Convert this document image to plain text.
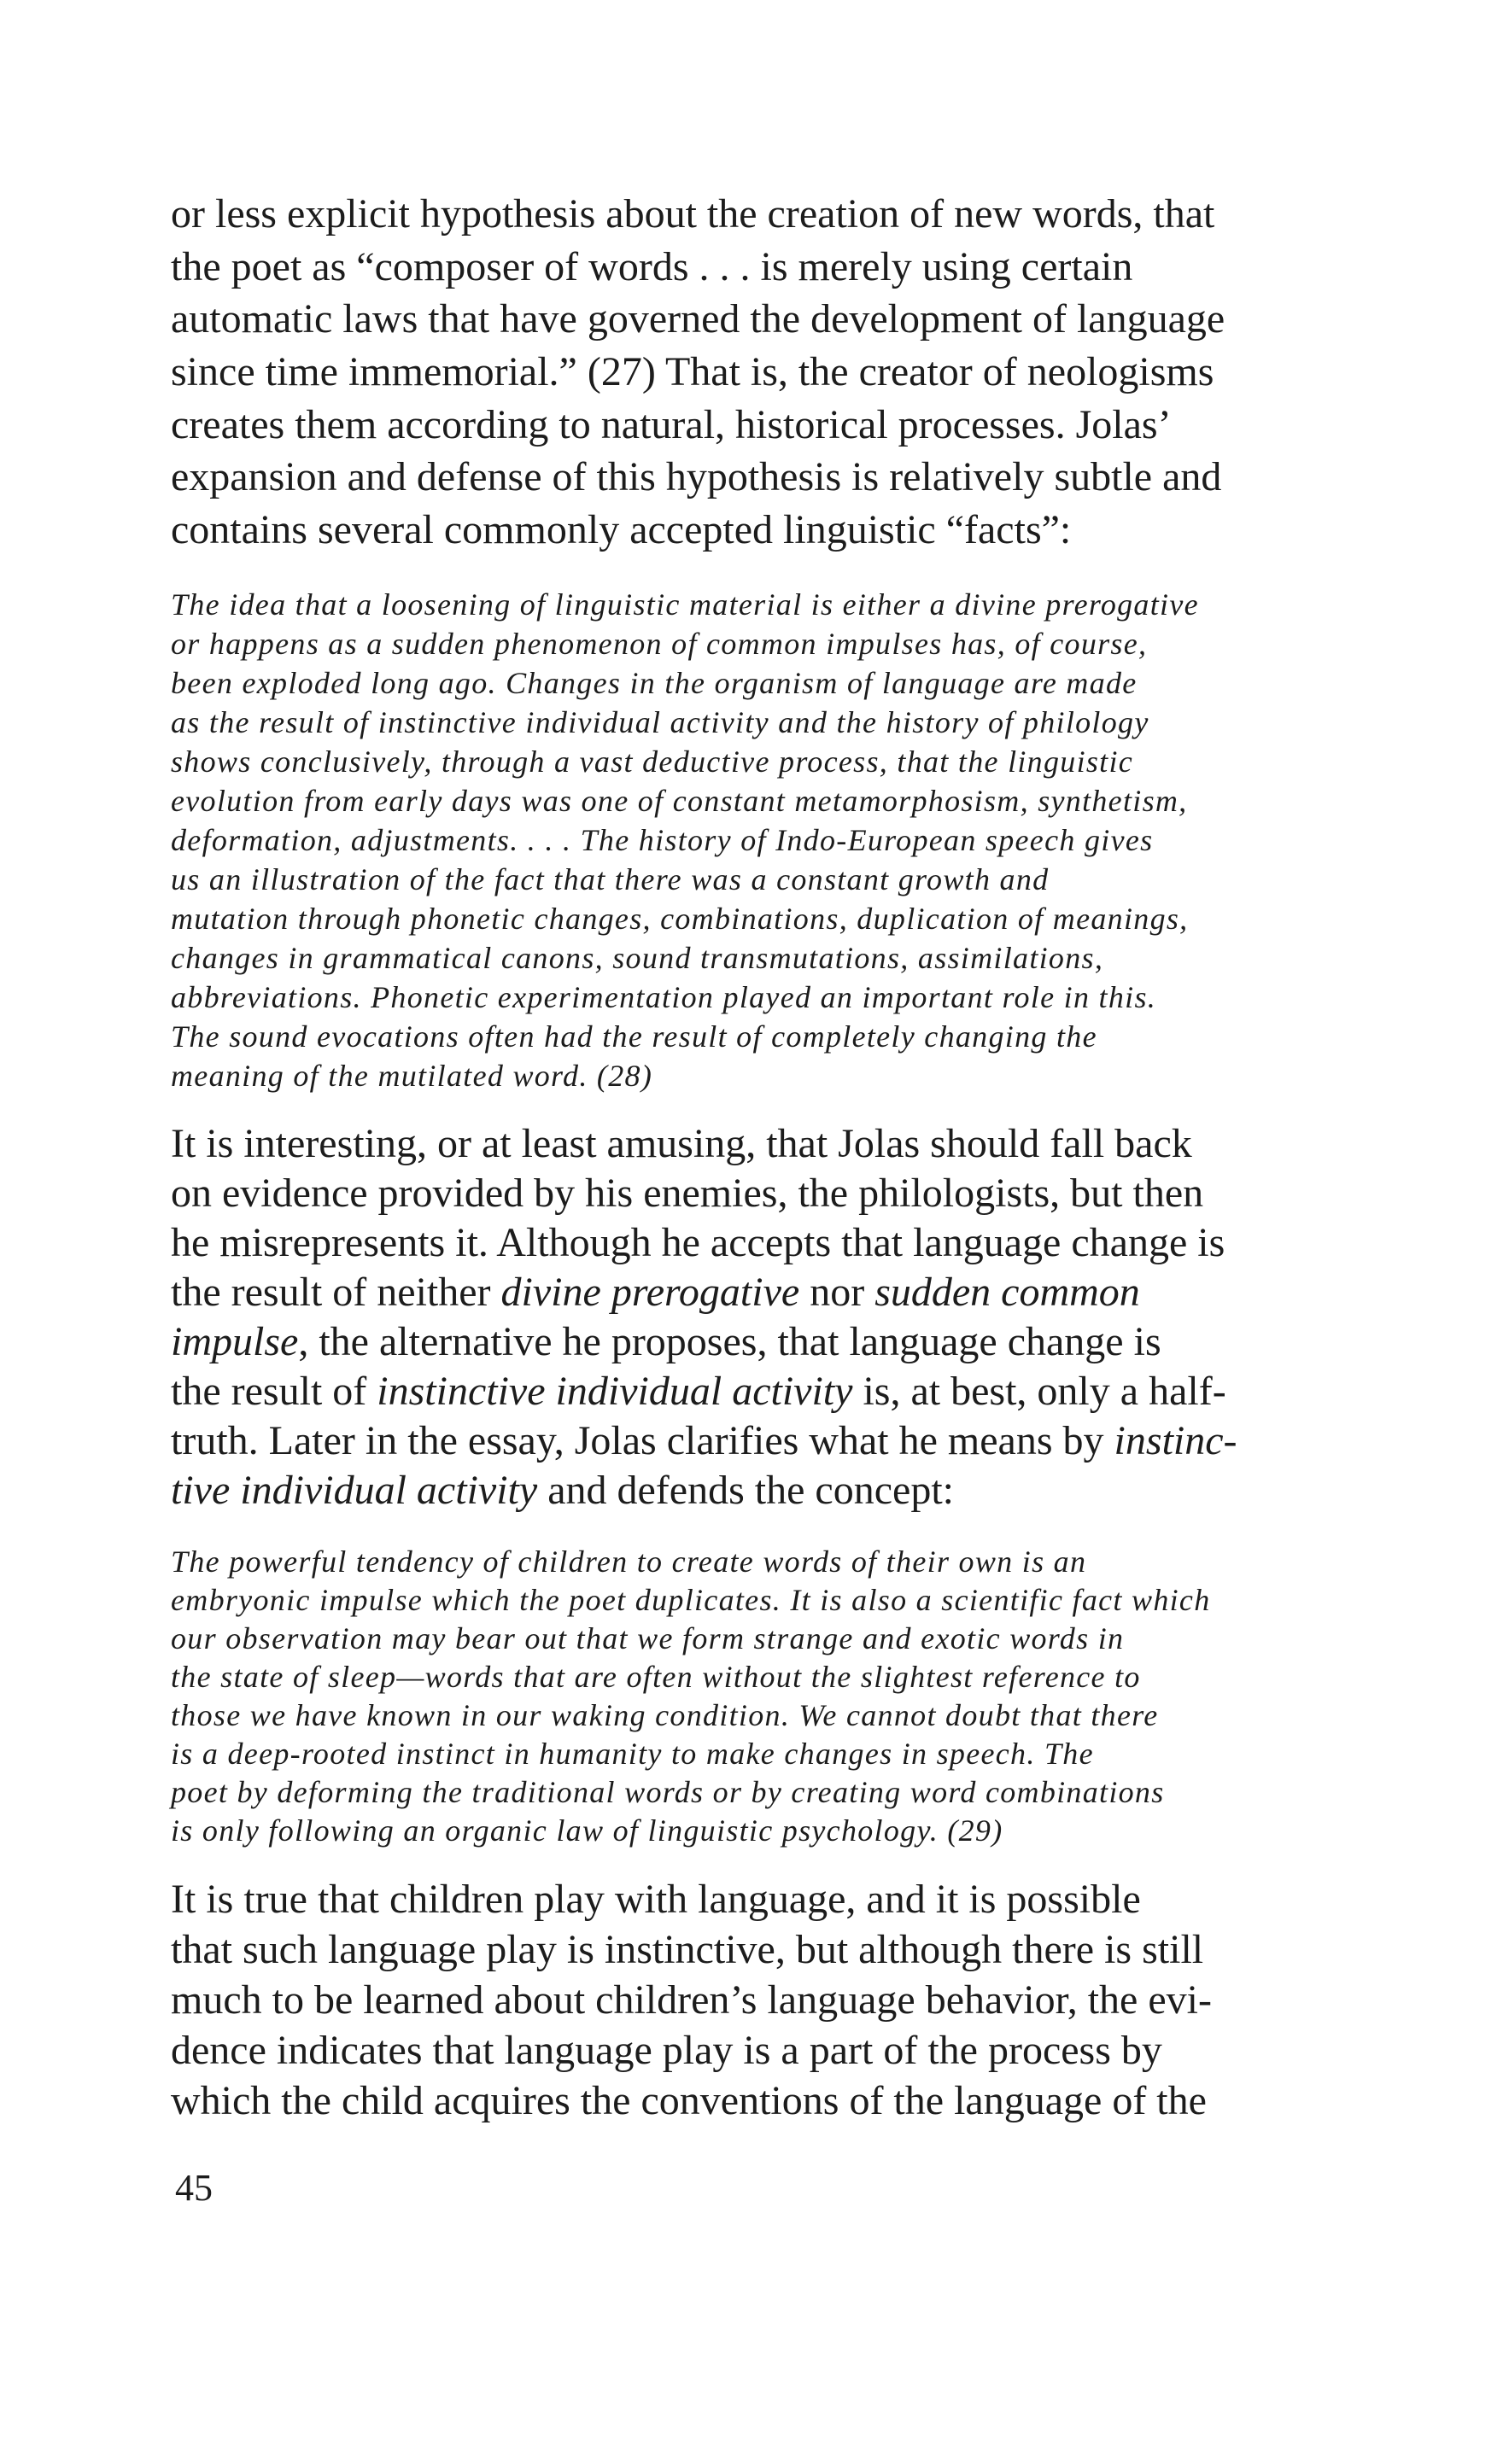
or less explicit hypothesis about the creation of new words, that

the poet as “composer of words . . . is merely using certain

automatic laws that have governed the development of language

since time immemorial.” (27) That is, the creator of neologisms

creates them according to natural, historical processes. Jolas’

expansion and defense of this hypothesis is relatively subtle and

contains several commonly accepted linguistic “facts”:

The idea that a loosening of linguistic material is either a divine prerogative

or happens as a sudden phenomenon of common impulses has, of course,

been exploded long ago. Changes in the organism of language are made

as the result of instinctive individual activity and the history of philology

shows conclusively, through a vast deductive process, that the linguistic

evolution from early days was one of constant metamorphosism, synthetism,

deformation, adjustments. . . . The history of Indo-European speech gives

us an illustration of the fact that there was a constant growth and

mutation through phonetic changes, combinations, duplication of meanings,

changes in grammatical canons, sound transmutations, assimilations,

abbreviations. Phonetic experimentation played an important role in this.

The sound evocations often had the result of completely changing the

meaning of the mutilated word. (28)

It is interesting, or at least amusing, that Jolas should fall back

on evidence provided by his enemies, the philologists, but then

he misrepresents it. Although he accepts that language change is

the result of neither divine prerogative nor sudden common

impulse, the alternative he proposes, that language change is

the result of instinctive individual activity is, at best, only a half-

truth. Later in the essay, Jolas clarifies what he means by instinc-

tive individual activity and defends the concept:

The powerful tendency of children to create words of their own is an

embryonic impulse which the poet duplicates. It is also a scientific fact which

our observation may bear out that we form strange and exotic words in

the state of sleep—words that are often without the slightest reference to

those we have known in our waking condition. We cannot doubt that there

is a deep-rooted instinct in humanity to make changes in speech. The

poet by deforming the traditional words or by creating word combinations

is only following an organic law of linguistic psychology. (29)

It is true that children play with language, and it is possible

that such language play is instinctive, but although there is still

much to be learned about children’s language behavior, the evi-

dence indicates that language play is a part of the process by

which the child acquires the conventions of the language of the

45
